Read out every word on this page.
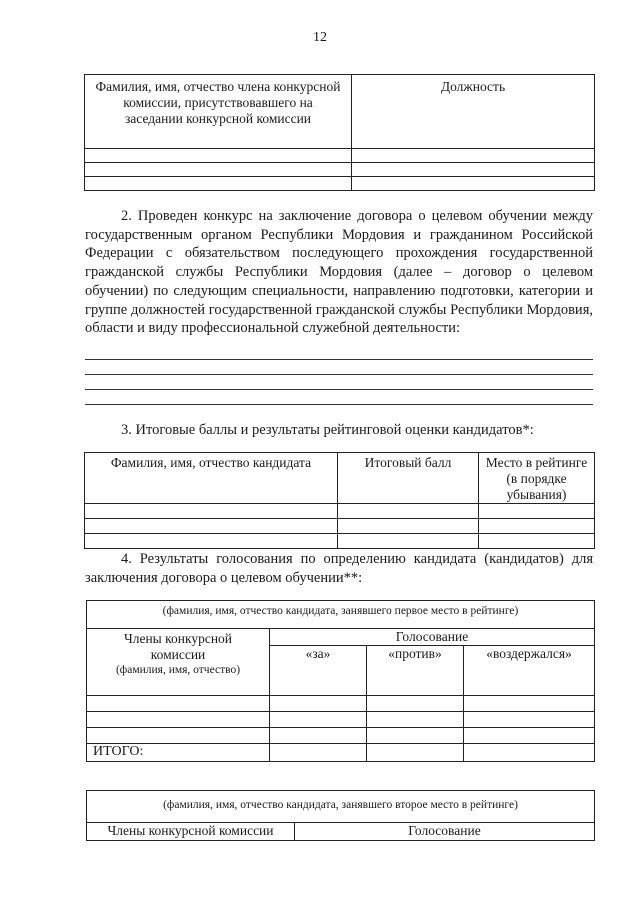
12
Фамилия, имя, отчество члена конкурсной комиссии, присутствовавшего на заседании конкурсной комиссии	Должность

2. Проведен конкурс на заключение договора о целевом обучении между государственным органом Республики Мордовия и гражданином Российской Федерации с обязательством последующего прохождения государственной гражданской службы Республики Мордовия (далее – договор о целевом обучении) по следующим специальности, направлению подготовки, категории и группе должностей государственной гражданской службы Республики Мордовия, области и виду профессиональной служебной деятельности:

3. Итоговые баллы и результаты рейтинговой оценки кандидатов*:
Фамилия, имя, отчество кандидата	Итоговый балл	Место в рейтинге (в порядке убывания)

4. Результаты голосования по определению кандидата (кандидатов) для заключения договора о целевом обучении**:

(фамилия, имя, отчество кандидата, занявшего первое место в рейтинге)			

Члены конкурсной комиссии
(фамилия, имя, отчество)	Голосование		
	«за»	«против»	«воздержался»

ИТОГО:			
(фамилия, имя, отчество кандидата, занявшего второе место в рейтинге)
Члены конкурсной комиссии	Голосование
